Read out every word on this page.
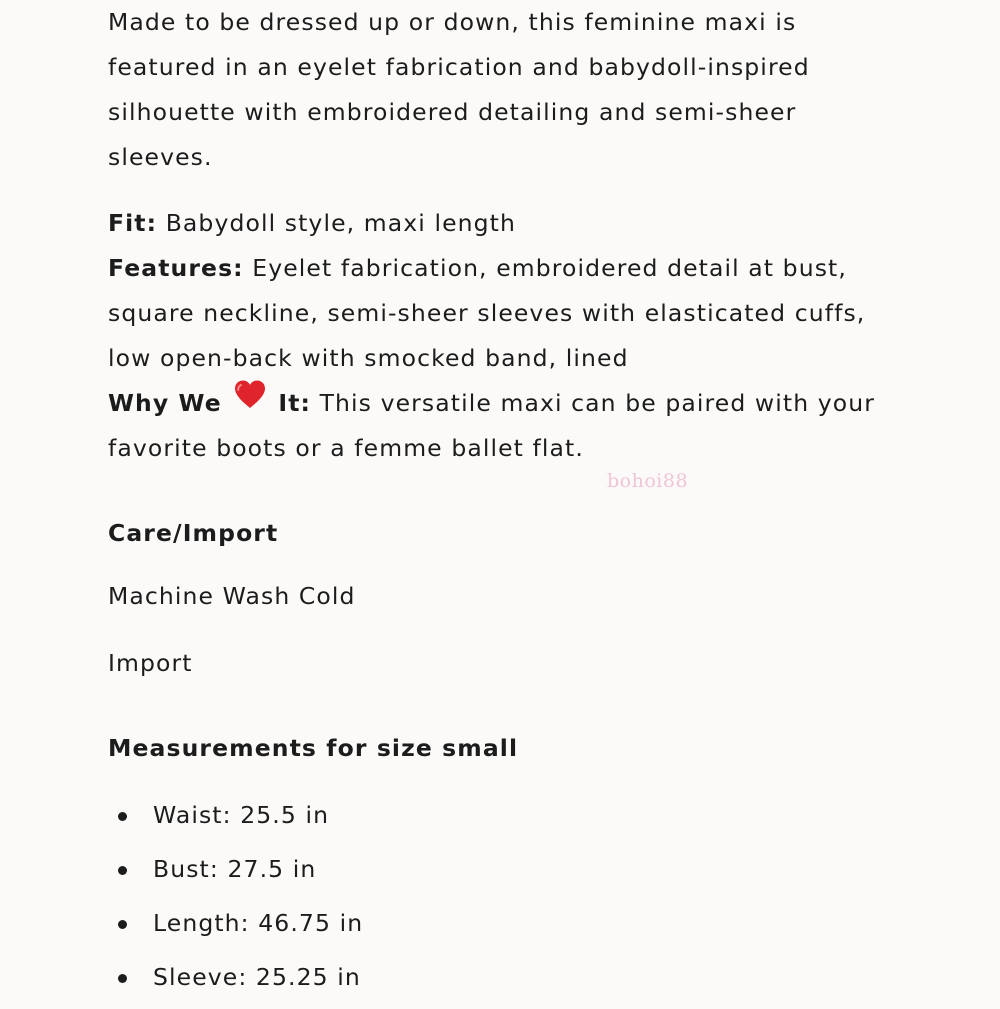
Made to be dressed up or down, this feminine maxi is featured in an eyelet fabrication and babydoll-inspired silhouette with embroidered detailing and semi-sheer sleeves.

Fit: Babydoll style, maxi length
Features: Eyelet fabrication, embroidered detail at bust, square neckline, semi-sheer sleeves with elasticated cuffs, low open-back with smocked band, lined
Why We  It: This versatile maxi can be paired with your favorite boots or a femme ballet flat.

Care/Import
Machine Wash Cold
Import
Measurements for size small
Waist: 25.5 in
Bust: 27.5 in
Length: 46.75 in
Sleeve: 25.25 in
bohoi88
